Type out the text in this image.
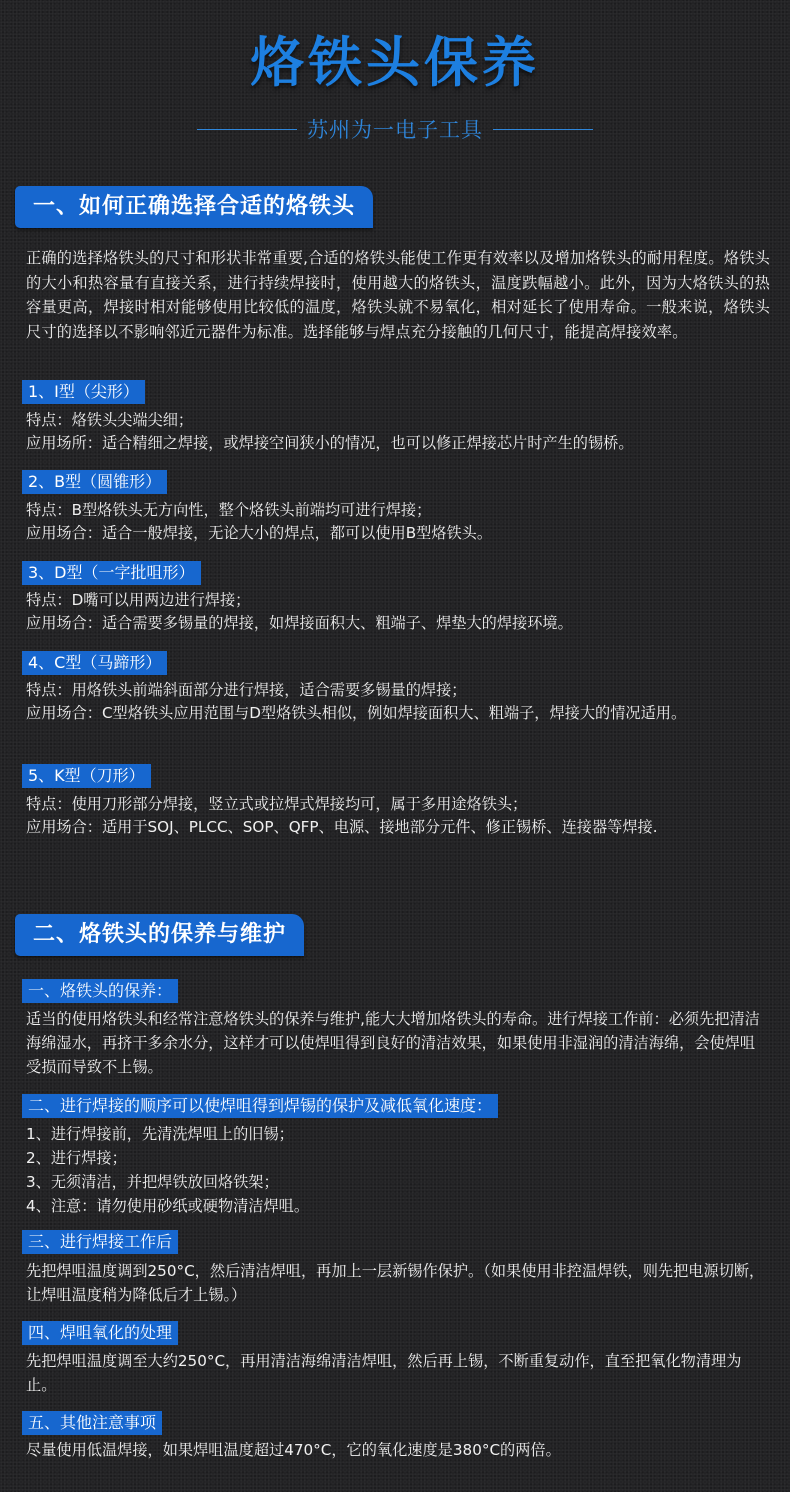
烙铁头保养
苏州为一电子工具
一、如何正确选择合适的烙铁头

正确的选择烙铁头的尺寸和形状非常重要,合适的烙铁头能使工作更有效率以及增加烙铁头的耐用程度。烙铁头的大小和热容量有直接关系，进行持续焊接时，使用越大的烙铁头，温度跌幅越小。此外，因为大烙铁头的热容量更高，焊接时相对能够使用比较低的温度，烙铁头就不易氧化，相对延长了使用寿命。一般来说，烙铁头尺寸的选择以不影响邻近元器件为标准。选择能够与焊点充分接触的几何尺寸，能提高焊接效率。

1、I型（尖形）
特点：烙铁头尖端尖细；
应用场所：适合精细之焊接，或焊接空间狭小的情况，也可以修正焊接芯片时产生的锡桥。
2、B型（圆锥形）
特点：B型烙铁头无方向性，整个烙铁头前端均可进行焊接；
应用场合：适合一般焊接，无论大小的焊点，都可以使用B型烙铁头。
3、D型（一字批咀形）
特点：D嘴可以用两边进行焊接；
应用场合：适合需要多锡量的焊接，如焊接面积大、粗端子、焊垫大的焊接环境。
4、C型（马蹄形）
特点：用烙铁头前端斜面部分进行焊接，适合需要多锡量的焊接；
应用场合：C型烙铁头应用范围与D型烙铁头相似，例如焊接面积大、粗端子，焊接大的情况适用。
5、K型（刀形）
特点：使用刀形部分焊接，竖立式或拉焊式焊接均可，属于多用途烙铁头；
应用场合：适用于SOJ、PLCC、SOP、QFP、电源、接地部分元件、修正锡桥、连接器等焊接.
二、烙铁头的保养与维护
一、烙铁头的保养：
适当的使用烙铁头和经常注意烙铁头的保养与维护,能大大增加烙铁头的寿命。进行焊接工作前：必须先把清洁海绵湿水，再挤干多余水分，这样才可以使焊咀得到良好的清洁效果，如果使用非湿润的清洁海绵，会使焊咀受损而导致不上锡。
二、进行焊接的顺序可以使焊咀得到焊锡的保护及减低氧化速度：
1、进行焊接前，先清洗焊咀上的旧锡；
2、进行焊接；
3、无须清洁，并把焊铁放回烙铁架；
4、注意：请勿使用砂纸或硬物清洁焊咀。
三、进行焊接工作后
先把焊咀温度调到250°C，然后清洁焊咀，再加上一层新锡作保护。（如果使用非控温焊铁，则先把电源切断，让焊咀温度稍为降低后才上锡。）
四、焊咀氧化的处理
先把焊咀温度调至大约250°C，再用清洁海绵清洁焊咀，然后再上锡，不断重复动作，直至把氧化物清理为止。
五、其他注意事项
尽量使用低温焊接，如果焊咀温度超过470°C，它的氧化速度是380°C的两倍。
